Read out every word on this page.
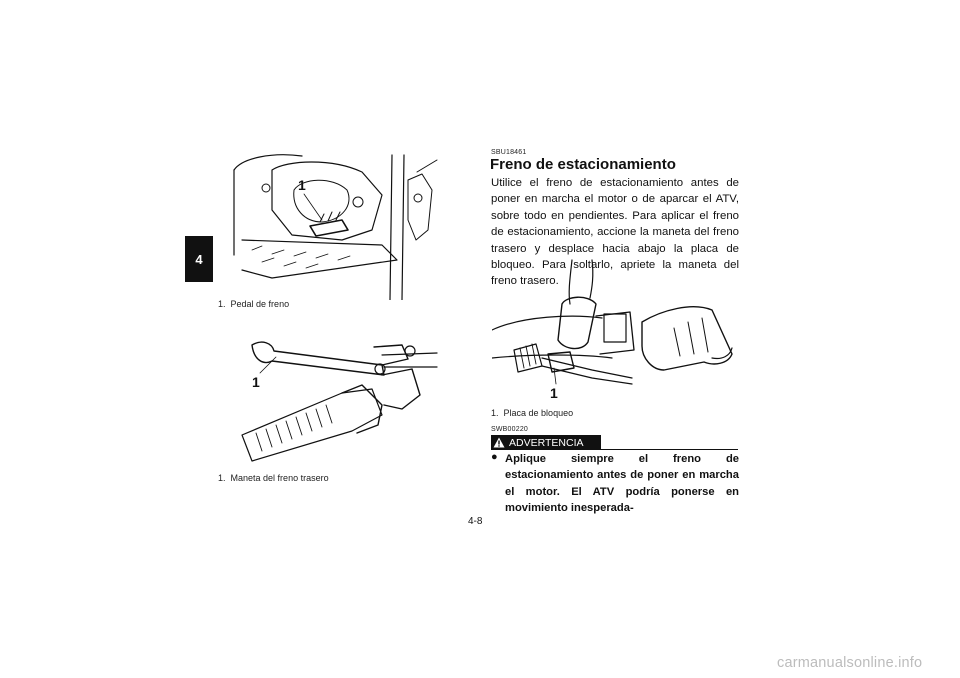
4
1
1. Pedal de freno
1
1. Maneta del freno trasero
SBU18461
Freno de estacionamiento
Utilice el freno de estacionamiento antes de poner en marcha el motor o de aparcar el ATV, sobre todo en pendientes. Para aplicar el freno de estacionamiento, accione la maneta del freno trasero y desplace hacia abajo la placa de bloqueo. Para soltarlo, apriete la maneta del freno trasero.
1
1. Placa de bloqueo
SWB00220
ADVERTENCIA
● Aplique siempre el freno de estacionamiento antes de poner en marcha el motor. El ATV podría ponerse en movimiento inesperada-
4-8
carmanualsonline.info
